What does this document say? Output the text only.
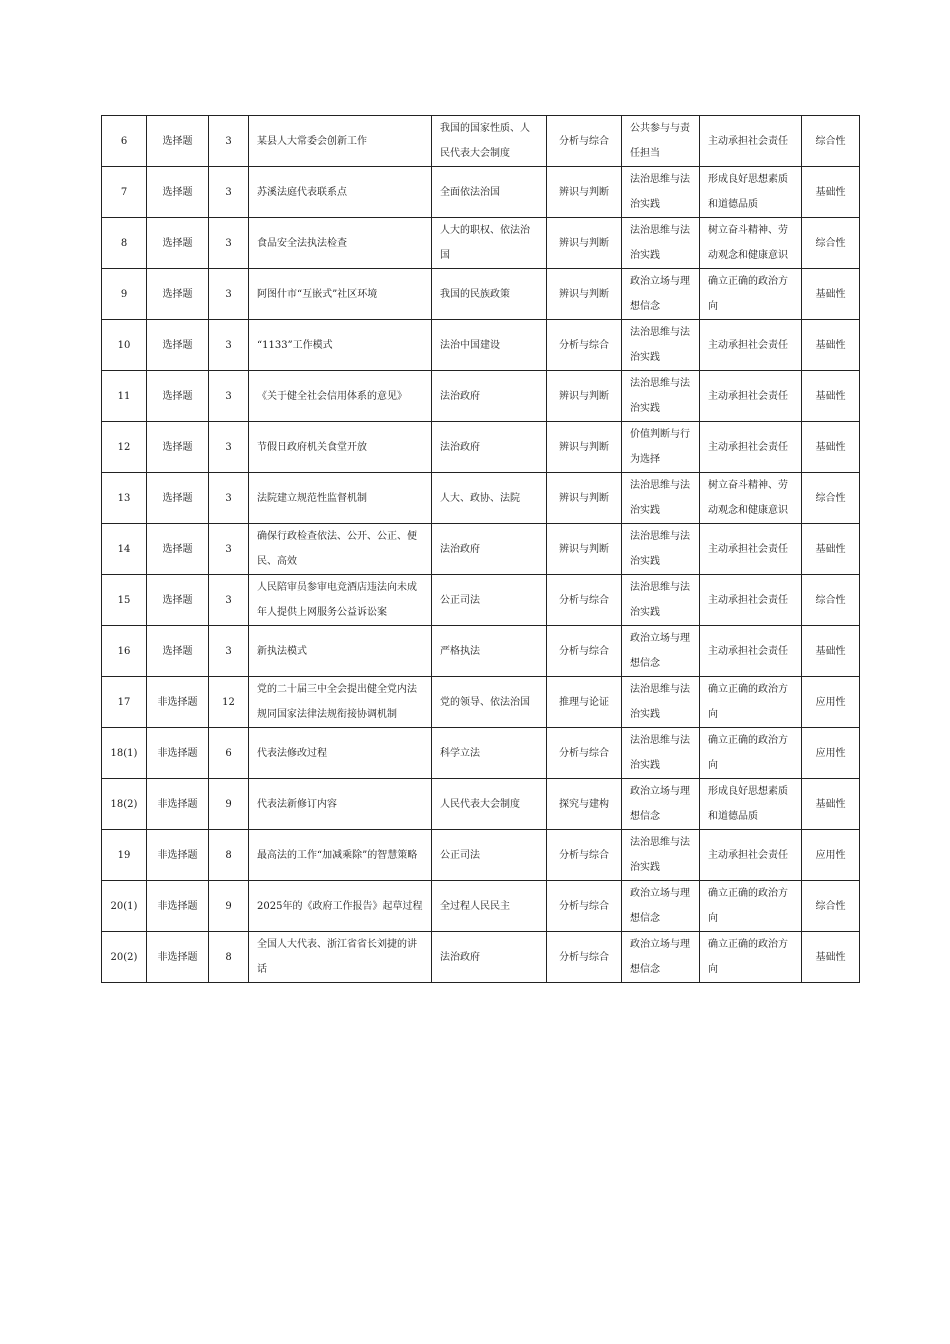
6	选择题	3	某县人大常委会创新工作	我国的国家性质、人民代表大会制度	分析与综合	公共参与与责任担当	主动承担社会责任	综合性
7	选择题	3	苏溪法庭代表联系点	全面依法治国	辨识与判断	法治思维与法治实践	形成良好思想素质和道德品质	基础性
8	选择题	3	食品安全法执法检查	人大的职权、依法治国	辨识与判断	法治思维与法治实践	树立奋斗精神、劳动观念和健康意识	综合性
9	选择题	3	阿图什市“互嵌式”社区环境	我国的民族政策	辨识与判断	政治立场与理想信念	确立正确的政治方向	基础性
10	选择题	3	“1133”工作模式	法治中国建设	分析与综合	法治思维与法治实践	主动承担社会责任	基础性
11	选择题	3	《关于健全社会信用体系的意见》	法治政府	辨识与判断	法治思维与法治实践	主动承担社会责任	基础性
12	选择题	3	节假日政府机关食堂开放	法治政府	辨识与判断	价值判断与行为选择	主动承担社会责任	基础性
13	选择题	3	法院建立规范性监督机制	人大、政协、法院	辨识与判断	法治思维与法治实践	树立奋斗精神、劳动观念和健康意识	综合性
14	选择题	3	确保行政检查依法、公开、公正、便民、高效	法治政府	辨识与判断	法治思维与法治实践	主动承担社会责任	基础性
15	选择题	3	人民陪审员参审电竞酒店违法向未成年人提供上网服务公益诉讼案	公正司法	分析与综合	法治思维与法治实践	主动承担社会责任	综合性
16	选择题	3	新执法模式	严格执法	分析与综合	政治立场与理想信念	主动承担社会责任	基础性
17	非选择题	12	党的二十届三中全会提出健全党内法规同国家法律法规衔接协调机制	党的领导、依法治国	推理与论证	法治思维与法治实践	确立正确的政治方向	应用性
18(1)	非选择题	6	代表法修改过程	科学立法	分析与综合	法治思维与法治实践	确立正确的政治方向	应用性
18(2)	非选择题	9	代表法新修订内容	人民代表大会制度	探究与建构	政治立场与理想信念	形成良好思想素质和道德品质	基础性
19	非选择题	8	最高法的工作“加减乘除”的智慧策略	公正司法	分析与综合	法治思维与法治实践	主动承担社会责任	应用性
20(1)	非选择题	9	2025年的《政府工作报告》起草过程	全过程人民民主	分析与综合	政治立场与理想信念	确立正确的政治方向	综合性
20(2)	非选择题	8	全国人大代表、浙江省省长刘捷的讲话	法治政府	分析与综合	政治立场与理想信念	确立正确的政治方向	基础性
